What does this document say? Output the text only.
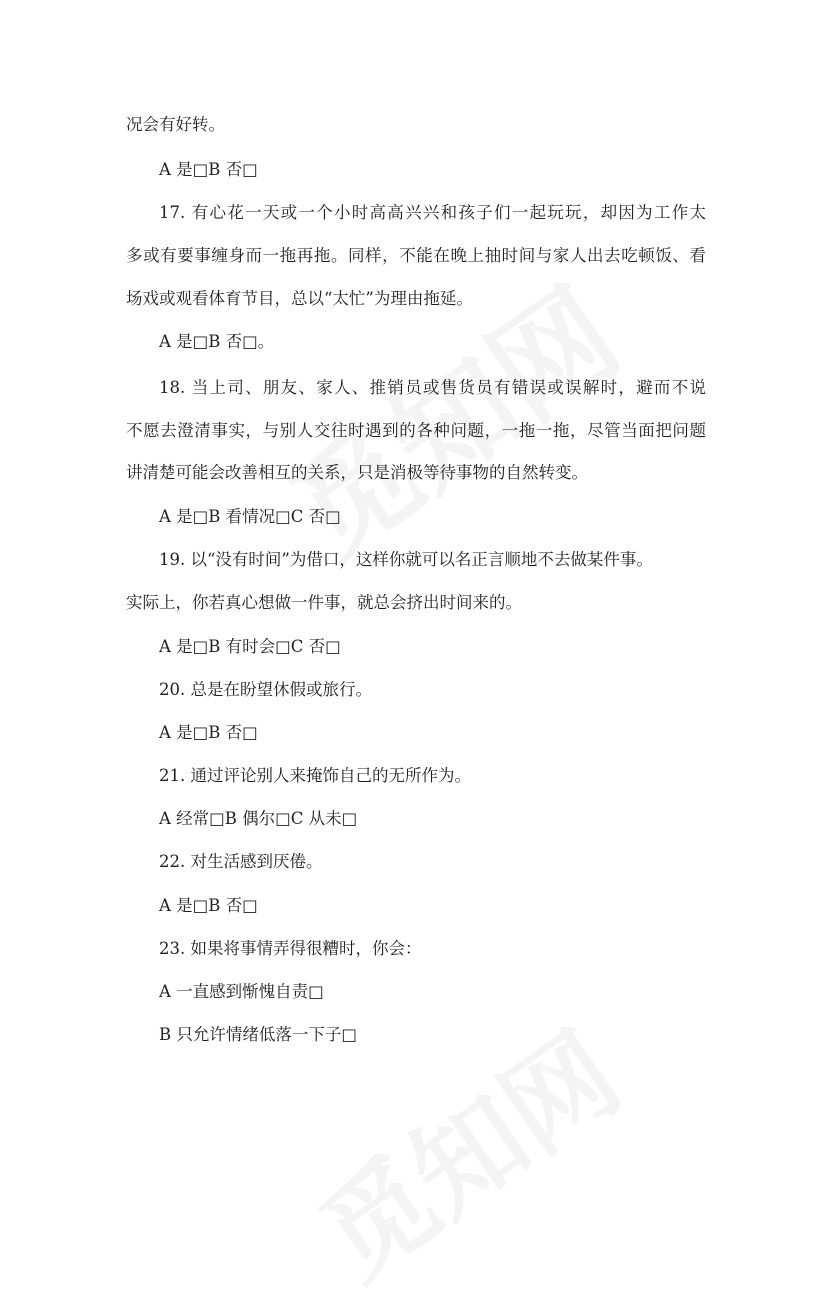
况会有好转。
A 是□B 否□
17. 有心花一天或一个小时高高兴兴和孩子们一起玩玩，却因为工作太
多或有要事缠身而一拖再拖。同样，不能在晚上抽时间与家人出去吃顿饭、看
场戏或观看体育节目，总以“太忙”为理由拖延。
A 是□B 否□。
18. 当上司、朋友、家人、推销员或售货员有错误或误解时，避而不说
不愿去澄清事实，与别人交往时遇到的各种问题，一拖一拖，尽管当面把问题
讲清楚可能会改善相互的关系，只是消极等待事物的自然转变。
A 是□B 看情况□C 否□
19. 以“没有时间”为借口，这样你就可以名正言顺地不去做某件事。
实际上，你若真心想做一件事，就总会挤出时间来的。
A 是□B 有时会□C 否□
20. 总是在盼望休假或旅行。
A 是□B 否□
21. 通过评论别人来掩饰自己的无所作为。
A 经常□B 偶尔□C 从未□
22. 对生活感到厌倦。
A 是□B 否□
23. 如果将事情弄得很糟时，你会：
A 一直感到惭愧自责□
B 只允许情绪低落一下子□
